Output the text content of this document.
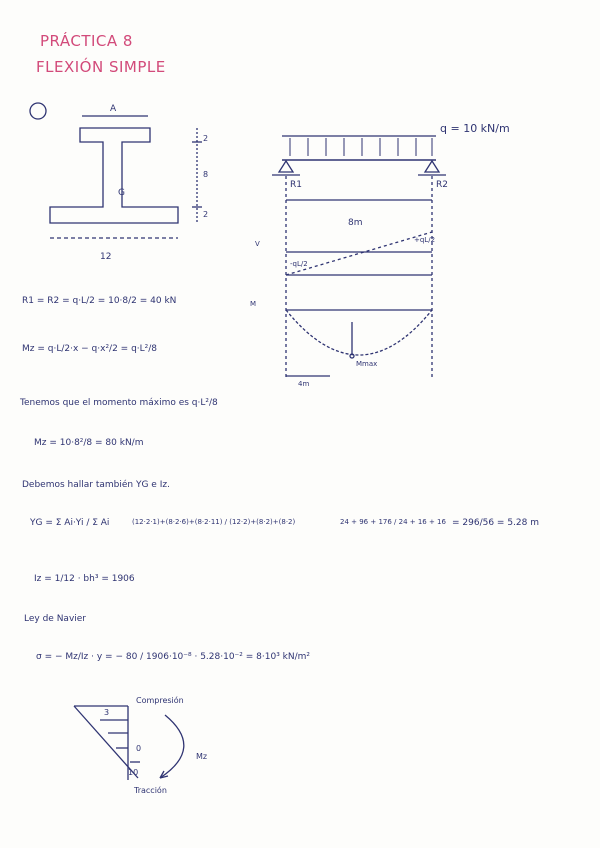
PRÁCTICA 8
FLEXIÓN SIMPLE
A
12
2
8
2
G
q = 10 kN/m
R1	R2
8m
V	+qL/2
-qL/2
M
Mmax
4m
R1 = R2 = q·L/2 = 10·8/2 = 40 kN
Mz = q·L/2·x − q·x²/2 = q·L²/8
Tenemos que el momento máximo es q·L²/8
Mz = 10·8²/8 = 80 kN/m
Debemos hallar también YG e Iz.
YG = Σ Ai·Yi / Σ Ai	(12·2·1)+(8·2·6)+(8·2·11) / (12·2)+(8·2)+(8·2)	24 + 96 + 176 / 24 + 16 + 16 = 296/56 = 5.28 m
Iz = 1/12 · bh³ = 1906
Ley de Navier
σ = − Mz/Iz · y = − 80 / 1906·10⁻⁸ · 5.28·10⁻² = 8·10³ kN/m²
Compresión
Tracción
Mz
3
0
10
